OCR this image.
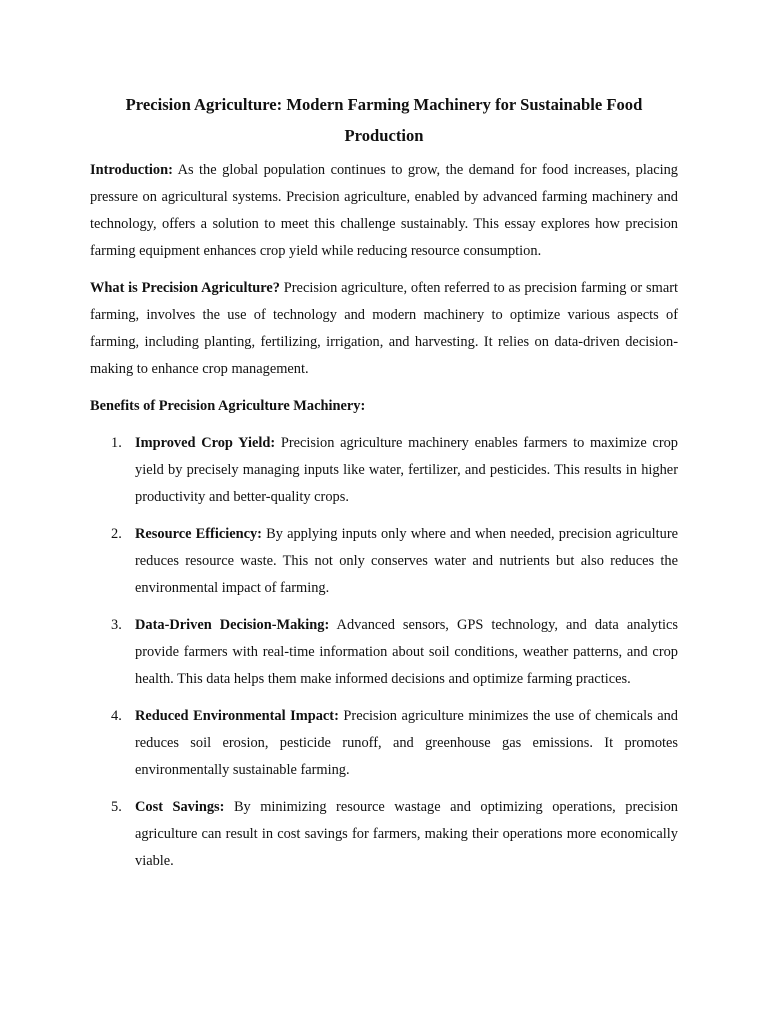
Precision Agriculture: Modern Farming Machinery for Sustainable Food Production

Introduction: As the global population continues to grow, the demand for food increases, placing pressure on agricultural systems. Precision agriculture, enabled by advanced farming machinery and technology, offers a solution to meet this challenge sustainably. This essay explores how precision farming equipment enhances crop yield while reducing resource consumption.

What is Precision Agriculture? Precision agriculture, often referred to as precision farming or smart farming, involves the use of technology and modern machinery to optimize various aspects of farming, including planting, fertilizing, irrigation, and harvesting. It relies on data-driven decision-making to enhance crop management.

Benefits of Precision Agriculture Machinery:
1. Improved Crop Yield: Precision agriculture machinery enables farmers to maximize crop yield by precisely managing inputs like water, fertilizer, and pesticides. This results in higher productivity and better-quality crops.
2. Resource Efficiency: By applying inputs only where and when needed, precision agriculture reduces resource waste. This not only conserves water and nutrients but also reduces the environmental impact of farming.
3. Data-Driven Decision-Making: Advanced sensors, GPS technology, and data analytics provide farmers with real-time information about soil conditions, weather patterns, and crop health. This data helps them make informed decisions and optimize farming practices.
4. Reduced Environmental Impact: Precision agriculture minimizes the use of chemicals and reduces soil erosion, pesticide runoff, and greenhouse gas emissions. It promotes environmentally sustainable farming.
5. Cost Savings: By minimizing resource wastage and optimizing operations, precision agriculture can result in cost savings for farmers, making their operations more economically viable.
